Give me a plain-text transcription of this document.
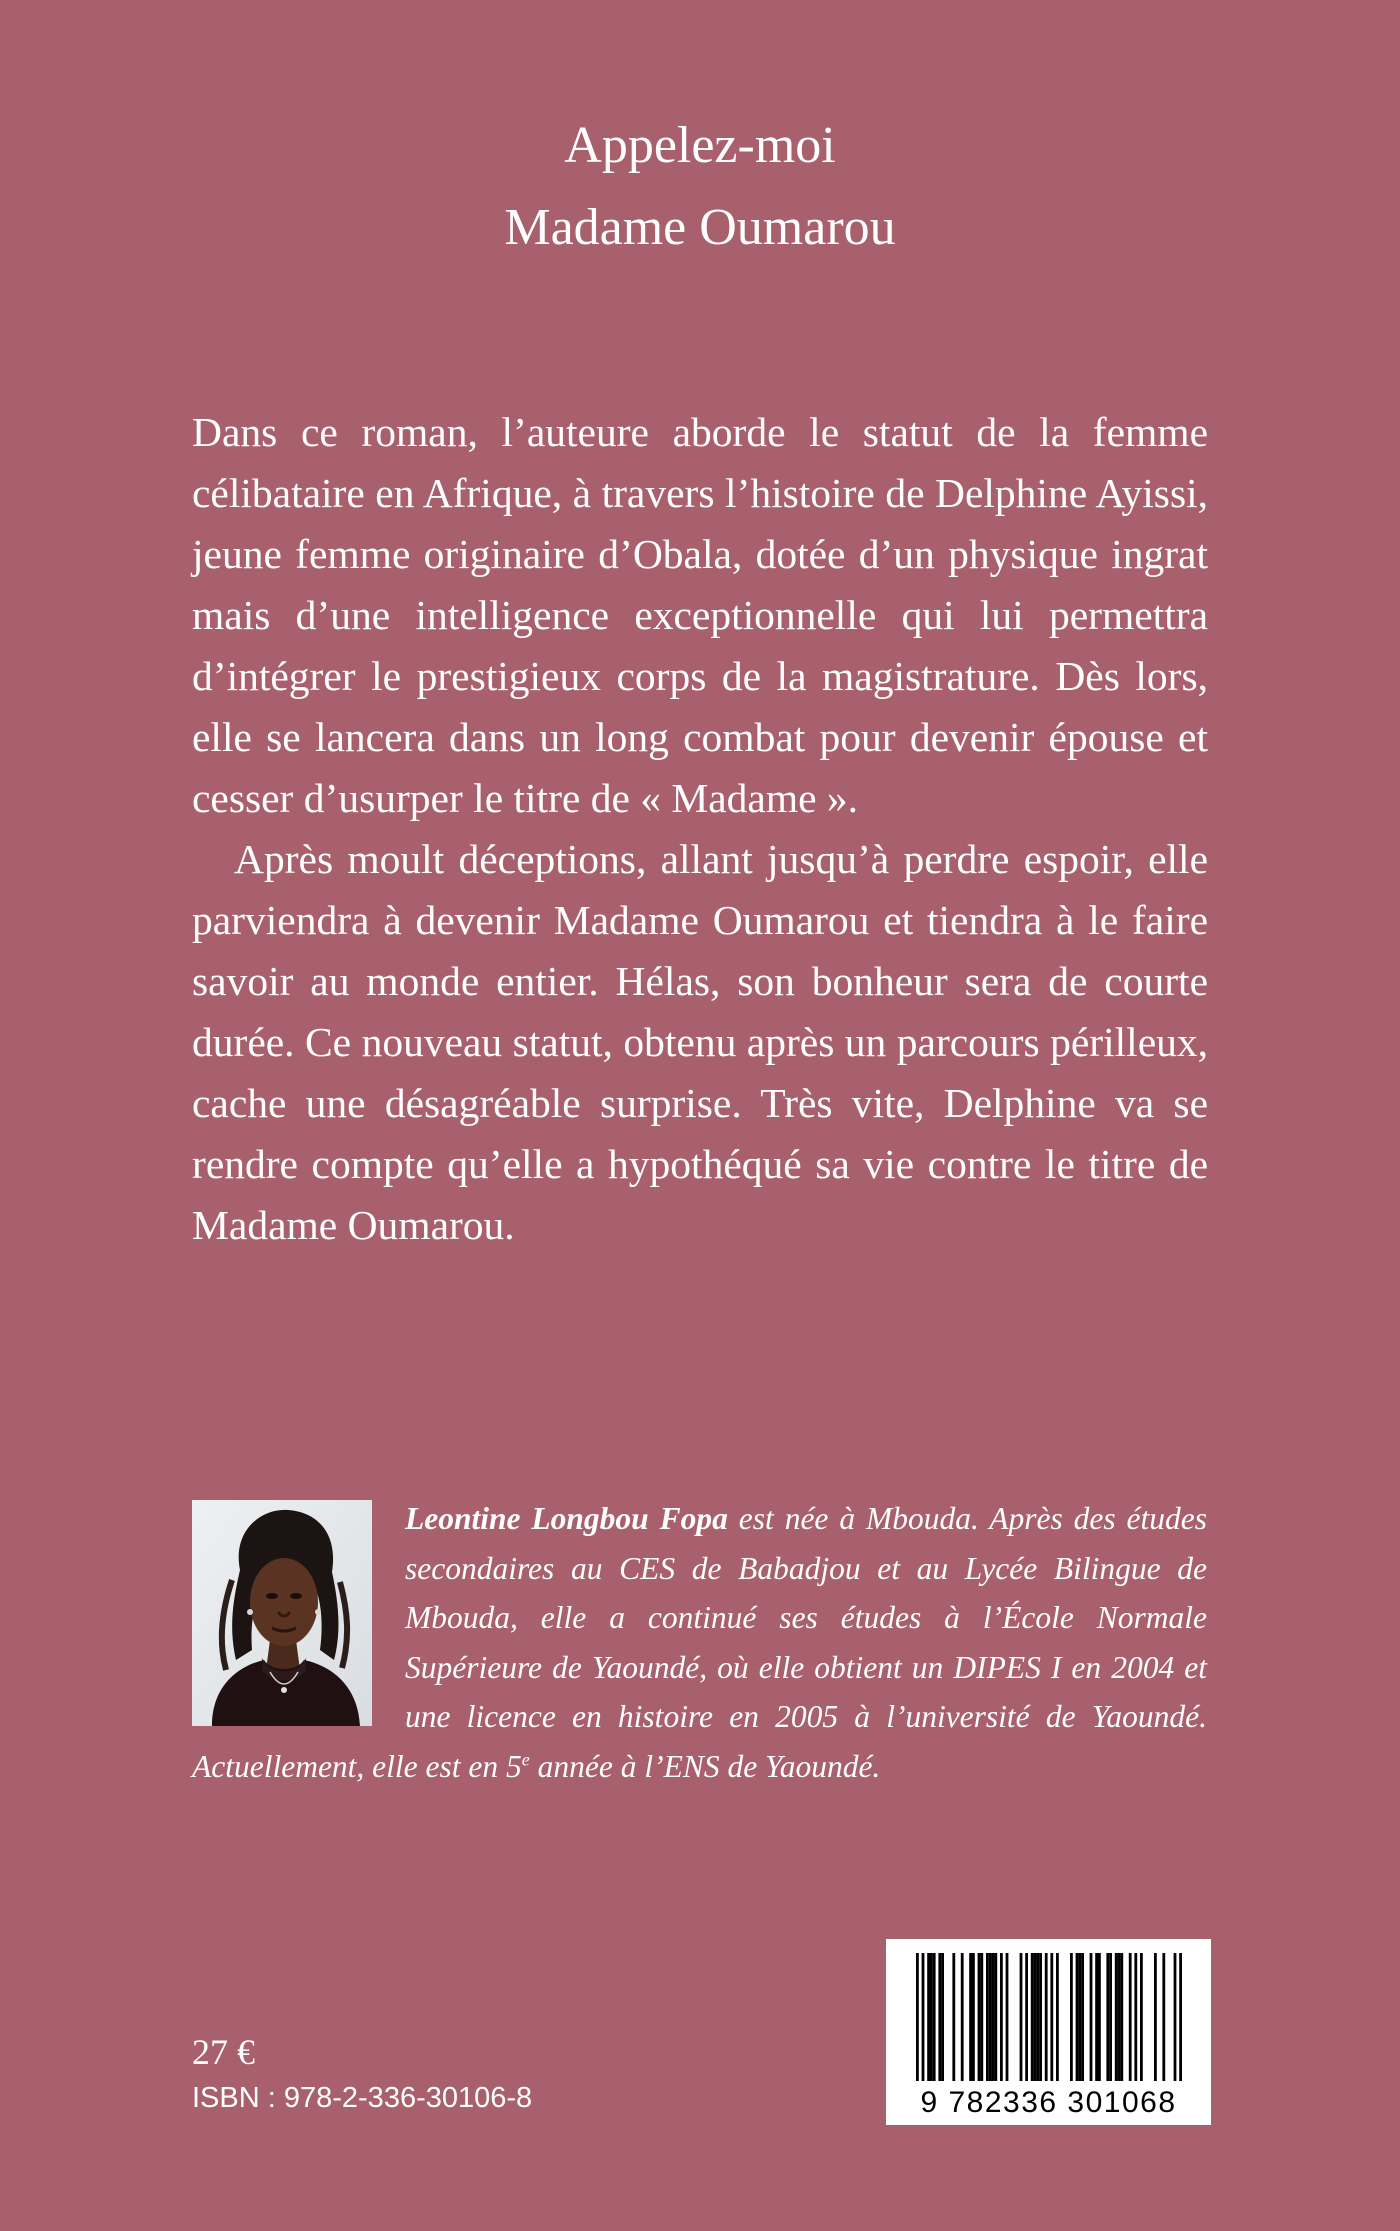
Appelez-moi
Madame Oumarou

Dans ce roman, l’auteure aborde le statut de la femme célibataire en Afrique, à travers l’histoire de Delphine Ayissi, jeune femme originaire d’Obala, dotée d’un physique ingrat mais d’une intelligence exceptionnelle qui lui permettra d’intégrer le prestigieux corps de la magistrature. Dès lors, elle se lancera dans un long combat pour devenir épouse et cesser d’usurper le titre de « Madame ».

Après moult déceptions, allant jusqu’à perdre espoir, elle parviendra à devenir Madame Oumarou et tiendra à le faire savoir au monde entier. Hélas, son bonheur sera de courte durée. Ce nouveau statut, obtenu après un parcours périlleux, cache une désagréable surprise. Très vite, Delphine va se rendre compte qu’elle a hypothéqué sa vie contre le titre de Madame Oumarou.

Leontine Longbou Fopa est née à Mbouda. Après des études secondaires au CES de Babadjou et au Lycée Bilingue de Mbouda, elle a continué ses études à l’École Normale Supérieure de Yaoundé, où elle obtient un DIPES I en 2004 et une licence en histoire en 2005 à l’université de Yaoundé. Actuellement, elle est en 5e année à l’ENS de Yaoundé.
27 €
ISBN : 978-2-336-30106-8	9 782336 301068
